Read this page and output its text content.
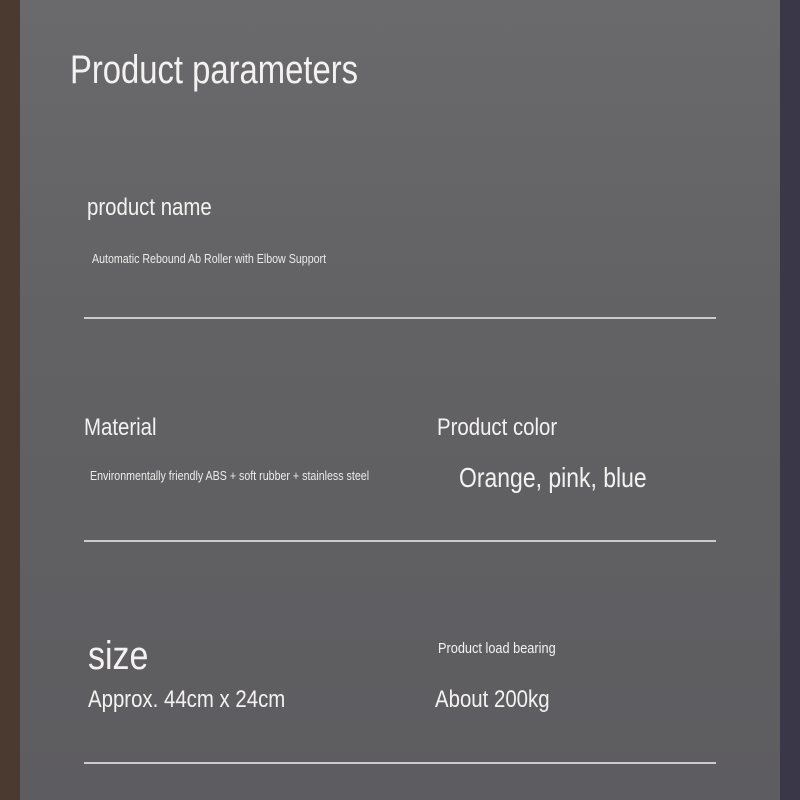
Product parameters
product name
Automatic Rebound Ab Roller with Elbow Support
Material
Environmentally friendly ABS + soft rubber + stainless steel
Product color
Orange, pink, blue
size
Approx. 44cm x 24cm
Product load bearing
About 200kg
